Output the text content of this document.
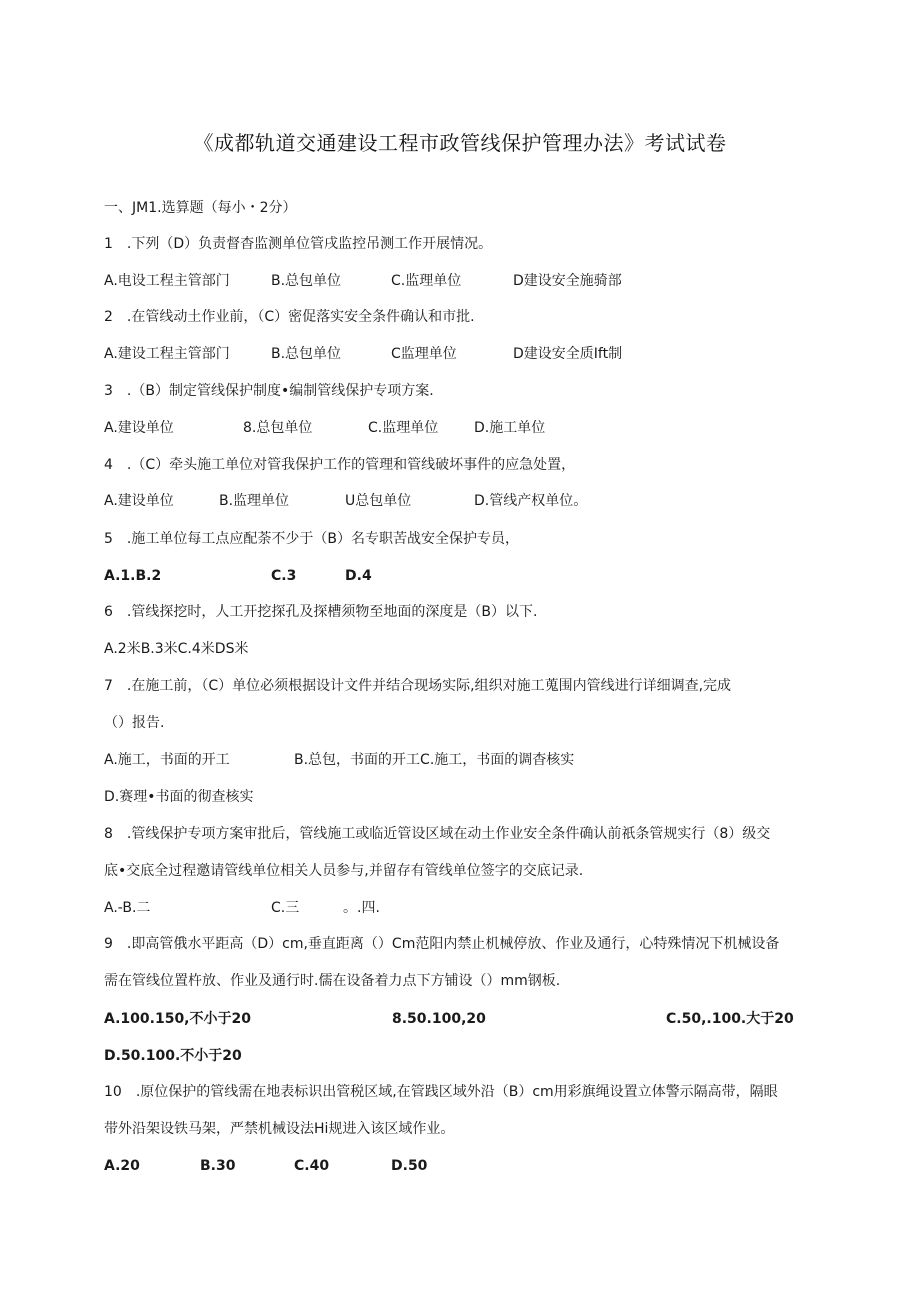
《成都轨道交通建设工程市政管线保护管理办法》考试试卷
一、JM1.选算题（每小・2分）
1　.下列（D）负责督杳监测单位管戌监控吊测工作开展情况。
A.电设工程主管部门	B.总包单位	C.监理单位	D建设安全施骑部
2　.在管线动土作业前，（C）密促落实安全条件确认和市批.
A.建设工程主管部门	B.总包单位	C监理单位	D建设安全质Ift制
3　.（B）制定管线保护制度•编制管线保护专项方案.
A.建设单位	8.总包单位	C.监理单位	D.施工单位
4　.（C）牵头施工单位对管我保护工作的管理和管线破坏事件的应急处置，
A.建设单位	B.监理单位	U总包单位	D.管线产权单位。
5　.施工单位每工点应配荼不少于（B）名专职苦战安全保护专员，
A.1.B.2	C.3	D.4
6　.管线探挖时，人工开挖探孔及探槽须物至地面的深度是（B）以下.
A.2米B.3米C.4米DS米
7　.在施工前，（C）单位必须根据设计文件并结合现场实际,组织对施工蒐围内管线进行详细调查,完成
（）报告.
A.施工，书面的开工	B.总包，书面的开工C.施工，书面的调杳核实
D.赛理•书面的彻查核实
8　.管线保护专项方案审批后，管线施工或临近管设区域在动土作业安全条件确认前祇条管规实行（8）级交
底•交底全过程邀请管线单位相关人员参与,并留存有管线单位签字的交底记录.
A.-B.二	C.三	。.四.
9　.即高管俄水平距高（D）cm,垂直距离（）Cm范阳内禁止机械停放、作业及通行，心特殊情况下机械设备
需在管线位置杵放、作业及通行时.儒在设备着力点下方铺设（）mm钢板.
A.100.150,不小于20	8.50.100,20	C.50,.100.大于20
D.50.100.不小于20
10　.原位保护的管线需在地表标识出管税区域,在管践区域外沿（B）cm用彩旗绳设置立体警示隔高带，隔眼
带外沿架设铁马架，严禁机械设法Hi规进入该区域作业。
A.20	B.30	C.40	D.50
